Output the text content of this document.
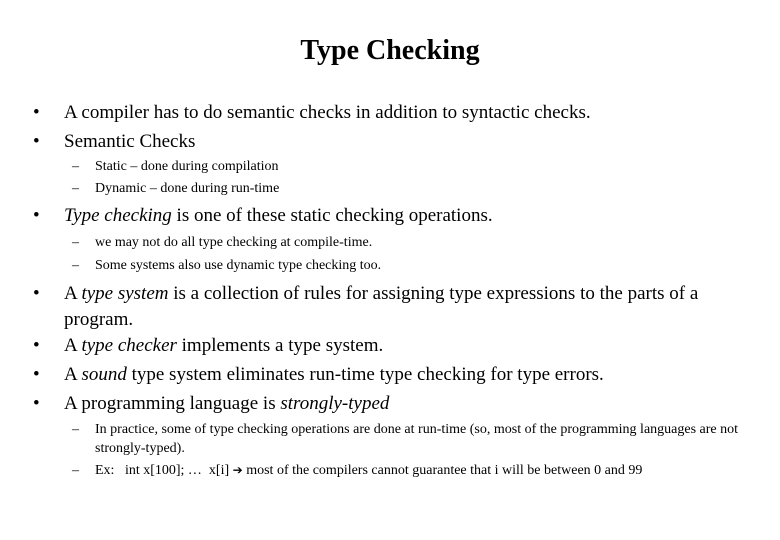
Type Checking
• A compiler has to do semantic checks in addition to syntactic checks.
• Semantic Checks
– Static – done during compilation
– Dynamic – done during run-time
• Type checking is one of these static checking operations.
– we may not do all type checking at compile-time.
– Some systems also use dynamic type checking too.
• A type system is a collection of rules for assigning type expressions to the parts of a program.
• A type checker implements a type system.
• A sound type system eliminates run-time type checking for type errors.
• A programming language is strongly-typed
– In practice, some of type checking operations are done at run-time (so, most of the programming languages are not strongly-typed).
– Ex:   int x[100]; …  x[i] ➔ most of the compilers cannot guarantee that i will be between 0 and 99
